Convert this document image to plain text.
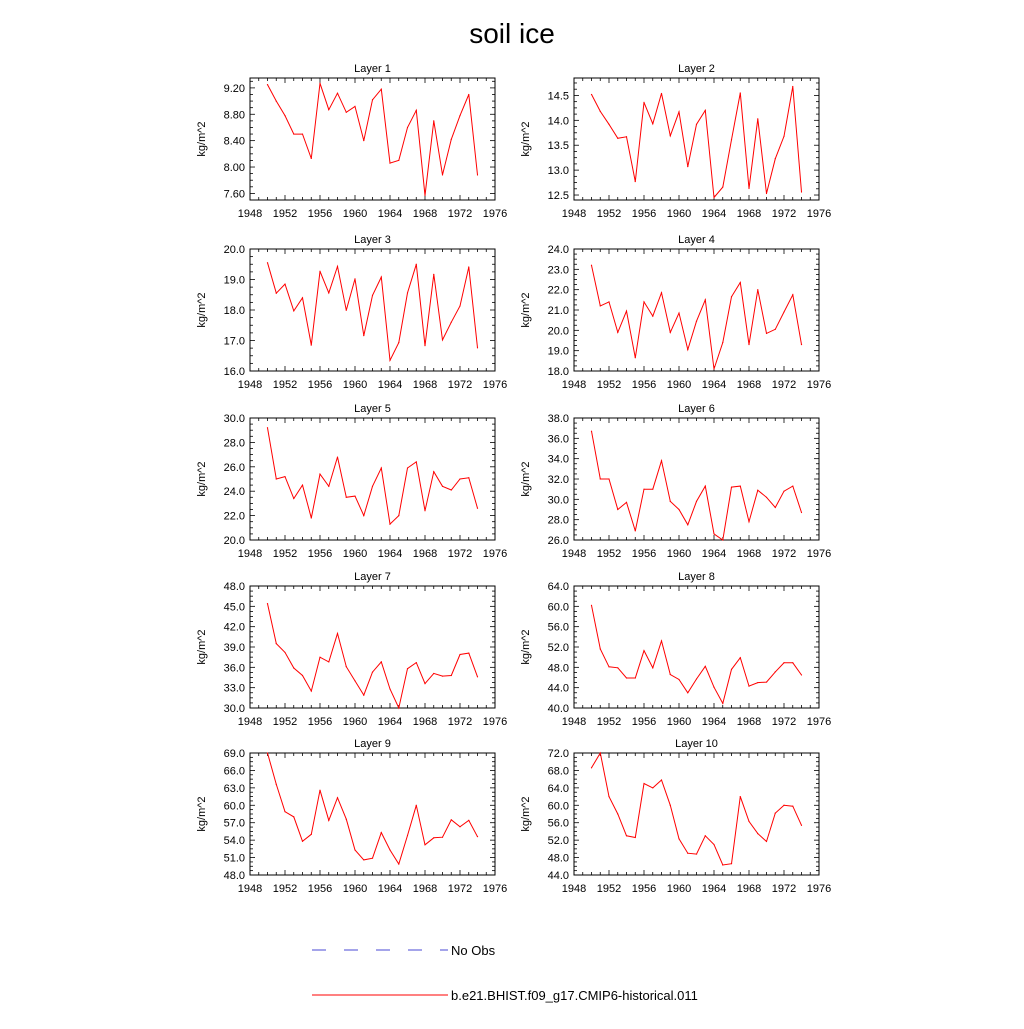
soil ice
Layer 1
kg/m^2
1948 1952 1956 1960 1964 1968 1972 1976
7.60
8.00
8.40
8.80
9.20
Layer 2
kg/m^2
1948 1952 1956 1960 1964 1968 1972 1976
12.5
13.0
13.5
14.0
14.5
Layer 3
kg/m^2
1948 1952 1956 1960 1964 1968 1972 1976
16.0
17.0
18.0
19.0
20.0
Layer 4
kg/m^2
1948 1952 1956 1960 1964 1968 1972 1976
18.0
19.0
20.0
21.0
22.0
23.0
24.0
Layer 5
kg/m^2
1948 1952 1956 1960 1964 1968 1972 1976
20.0
22.0
24.0
26.0
28.0
30.0
Layer 6
kg/m^2
1948 1952 1956 1960 1964 1968 1972 1976
26.0
28.0
30.0
32.0
34.0
36.0
38.0
Layer 7
kg/m^2
1948 1952 1956 1960 1964 1968 1972 1976
30.0
33.0
36.0
39.0
42.0
45.0
48.0
Layer 8
kg/m^2
1948 1952 1956 1960 1964 1968 1972 1976
40.0
44.0
48.0
52.0
56.0
60.0
64.0
Layer 9
kg/m^2
1948 1952 1956 1960 1964 1968 1972 1976
48.0
51.0
54.0
57.0
60.0
63.0
66.0
69.0
Layer 10
kg/m^2
1948 1952 1956 1960 1964 1968 1972 1976
44.0
48.0
52.0
56.0
60.0
64.0
68.0
72.0
No Obs
b.e21.BHIST.f09_g17.CMIP6-historical.011
